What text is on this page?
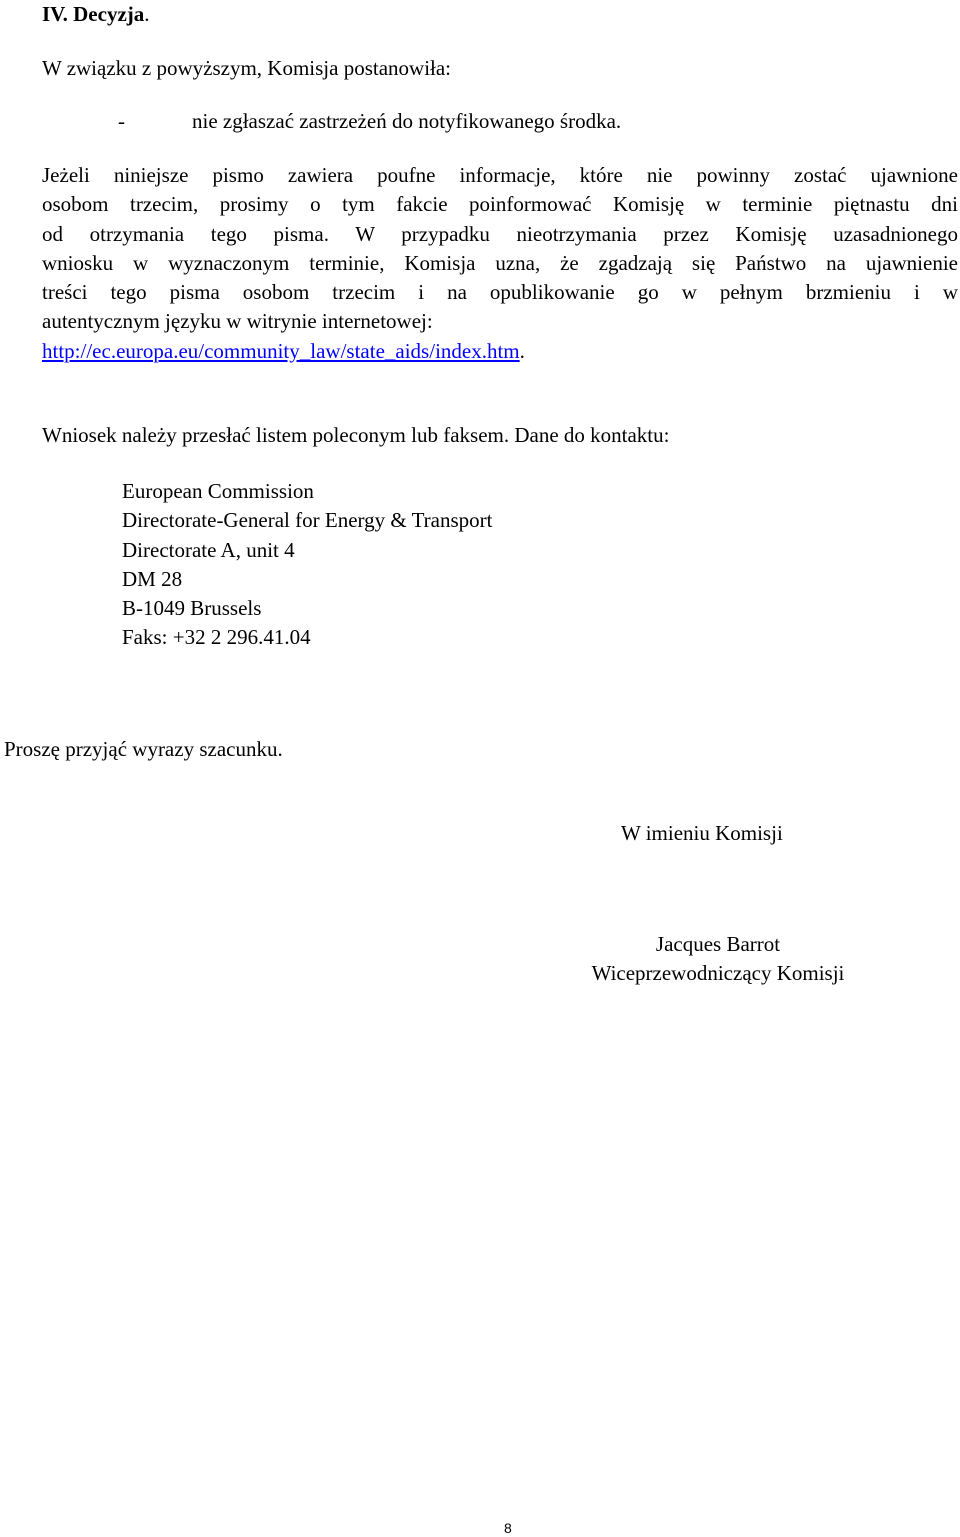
IV. Decyzja.
W związku z powyższym, Komisja postanowiła:
-	nie zgłaszać zastrzeżeń do notyfikowanego środka.
Jeżeli niniejsze pismo zawiera poufne informacje, które nie powinny zostać ujawnione
osobom trzecim, prosimy o tym fakcie poinformować Komisję w terminie piętnastu dni
od otrzymania tego pisma. W przypadku nieotrzymania przez Komisję uzasadnionego
wniosku w wyznaczonym terminie, Komisja uzna, że zgadzają się Państwo na ujawnienie
treści tego pisma osobom trzecim i na opublikowanie go w pełnym brzmieniu i w
autentycznym języku w witrynie internetowej:
http://ec.europa.eu/community_law/state_aids/index.htm.
Wniosek należy przesłać listem poleconym lub faksem. Dane do kontaktu:
European Commission
Directorate-General for Energy & Transport
Directorate A, unit 4
DM 28
B-1049 Brussels
Faks: +32 2 296.41.04
Proszę przyjąć wyrazy szacunku.
W imieniu Komisji
Jacques Barrot
Wiceprzewodniczący Komisji
8
